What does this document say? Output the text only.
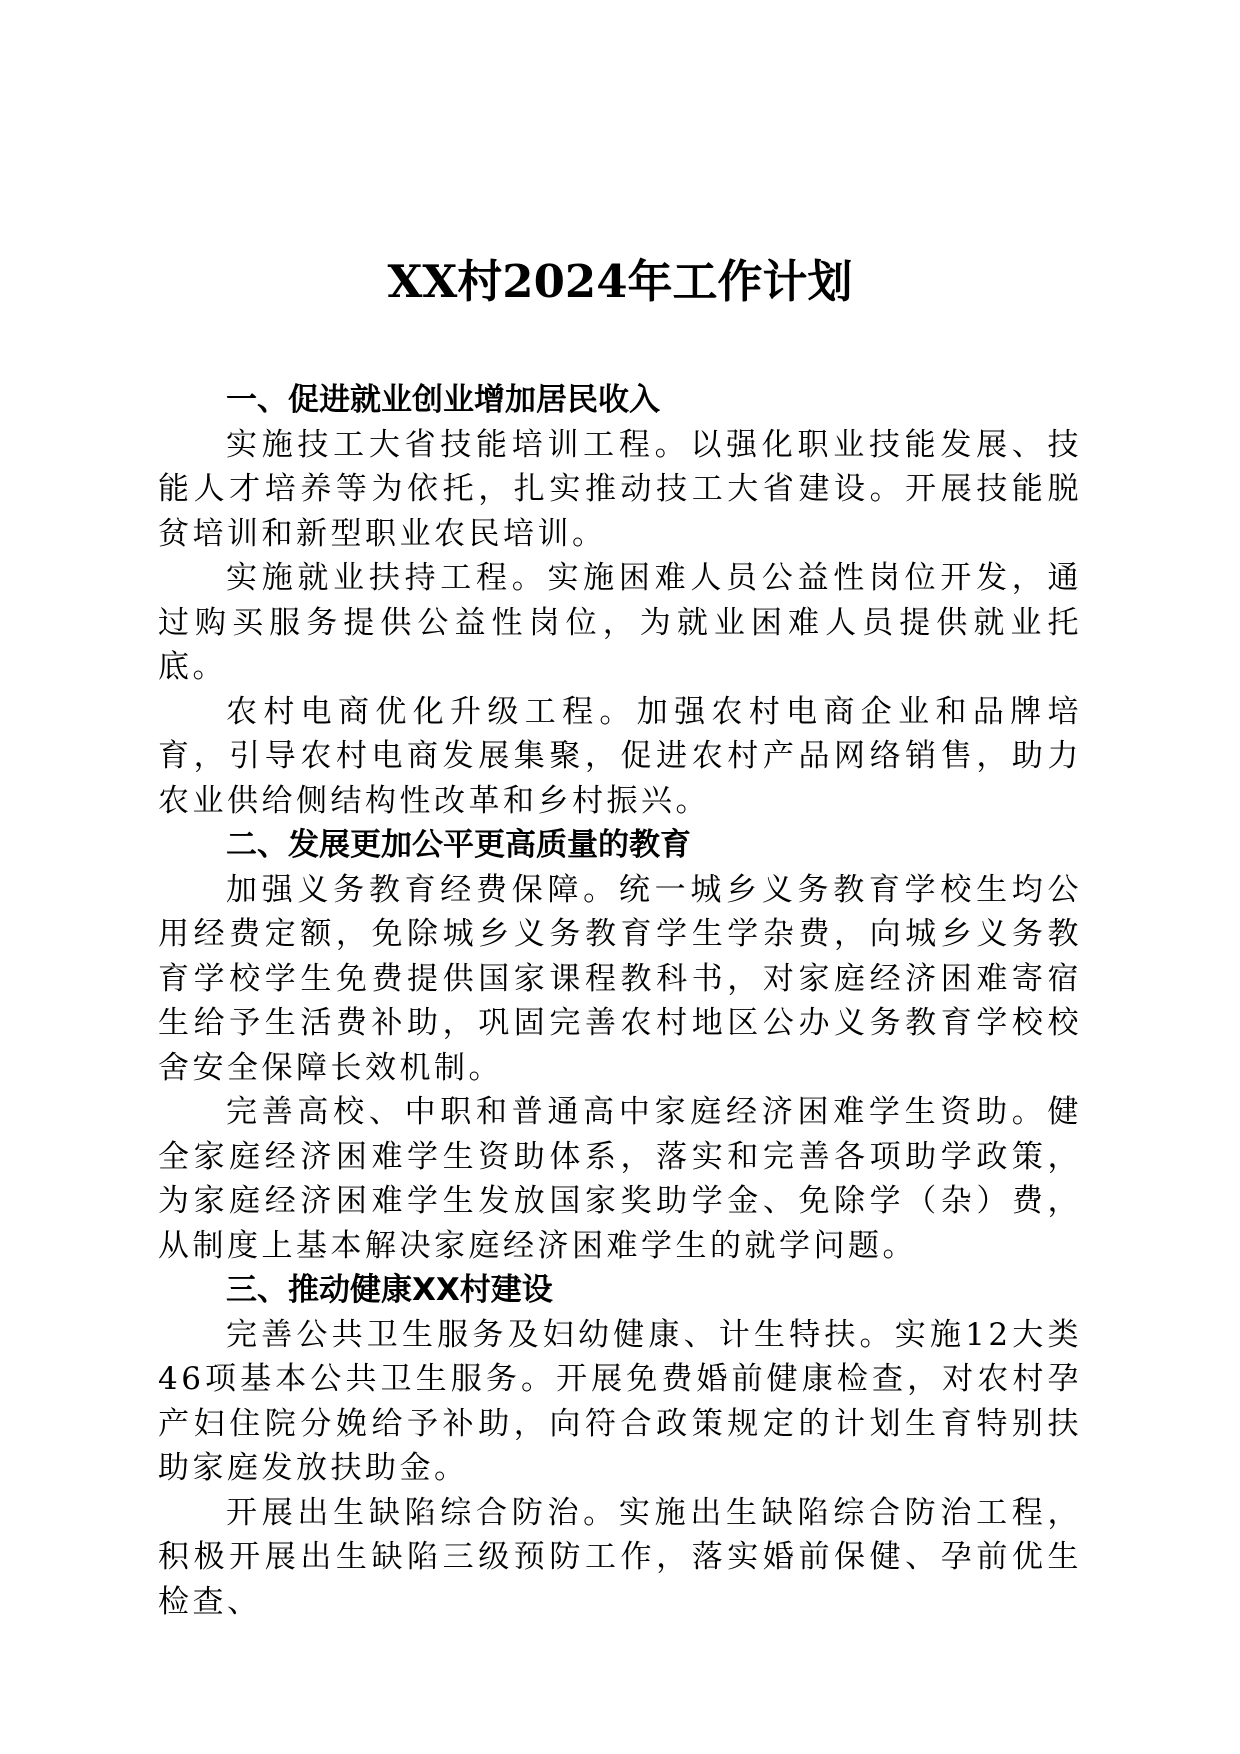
XX村2024年工作计划
一、促进就业创业增加居民收入

实施技工大省技能培训工程。以强化职业技能发展、技能人才培养等为依托，扎实推动技工大省建设。开展技能脱贫培训和新型职业农民培训。

实施就业扶持工程。实施困难人员公益性岗位开发，通过购买服务提供公益性岗位，为就业困难人员提供就业托底。

农村电商优化升级工程。加强农村电商企业和品牌培育，引导农村电商发展集聚，促进农村产品网络销售，助力农业供给侧结构性改革和乡村振兴。

二、发展更加公平更高质量的教育

加强义务教育经费保障。统一城乡义务教育学校生均公用经费定额，免除城乡义务教育学生学杂费，向城乡义务教育学校学生免费提供国家课程教科书，对家庭经济困难寄宿生给予生活费补助，巩固完善农村地区公办义务教育学校校舍安全保障长效机制。

完善高校、中职和普通高中家庭经济困难学生资助。健全家庭经济困难学生资助体系，落实和完善各项助学政策，为家庭经济困难学生发放国家奖助学金、免除学（杂）费，从制度上基本解决家庭经济困难学生的就学问题。

三、推动健康XX村建设

完善公共卫生服务及妇幼健康、计生特扶。实施12大类46项基本公共卫生服务。开展免费婚前健康检查，对农村孕产妇住院分娩给予补助，向符合政策规定的计划生育特别扶助家庭发放扶助金。

开展出生缺陷综合防治。实施出生缺陷综合防治工程，积极开展出生缺陷三级预防工作，落实婚前保健、孕前优生检查、
